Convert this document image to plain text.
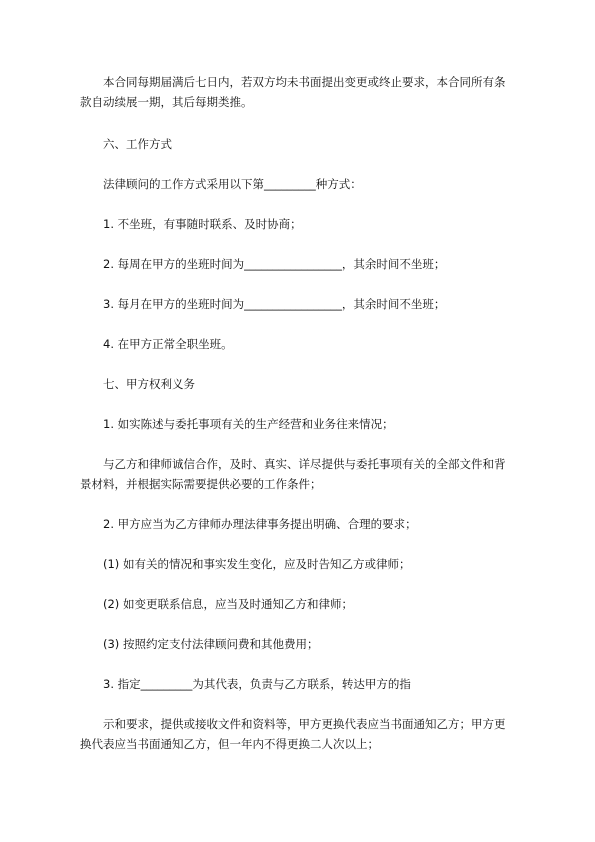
本合同每期届满后七日内，若双方均未书面提出变更或终止要求，本合同所有条
款自动续展一期，其后每期类推。
六、工作方式
法律顾问的工作方式采用以下第_________种方式：
1. 不坐班，有事随时联系、及时协商；
2. 每周在甲方的坐班时间为_________________，其余时间不坐班；
3. 每月在甲方的坐班时间为_________________，其余时间不坐班；
4. 在甲方正常全职坐班。
七、甲方权利义务
1. 如实陈述与委托事项有关的生产经营和业务往来情况；
与乙方和律师诚信合作，及时、真实、详尽提供与委托事项有关的全部文件和背
景材料，并根据实际需要提供必要的工作条件；
2. 甲方应当为乙方律师办理法律事务提出明确、合理的要求；
(1) 如有关的情况和事实发生变化，应及时告知乙方或律师；
(2) 如变更联系信息，应当及时通知乙方和律师；
(3) 按照约定支付法律顾问费和其他费用；
3. 指定_________为其代表，负责与乙方联系，转达甲方的指
示和要求，提供或接收文件和资料等，甲方更换代表应当书面通知乙方；甲方更
换代表应当书面通知乙方，但一年内不得更换二人次以上；
